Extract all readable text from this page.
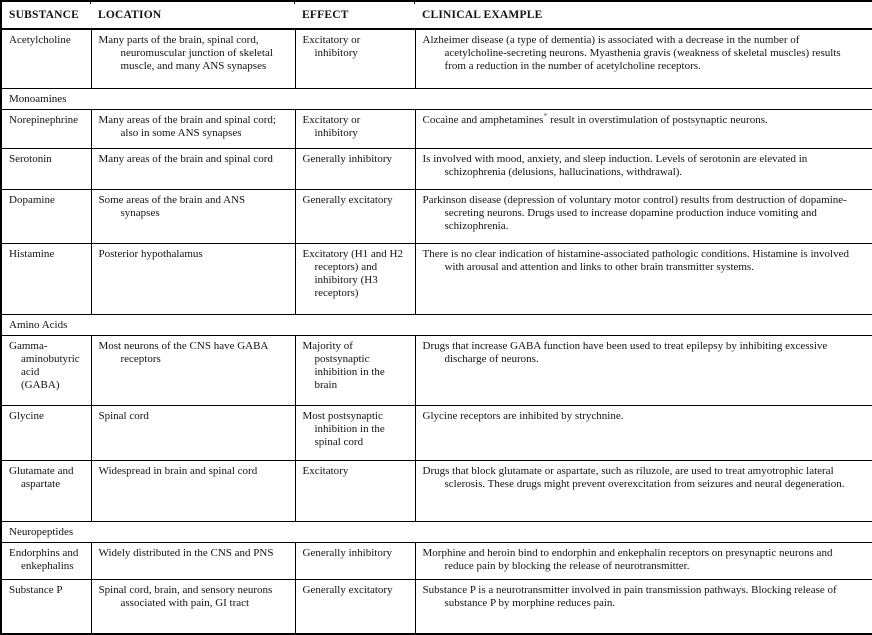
SUBSTANCE	LOCATION	EFFECT	CLINICAL EXAMPLE
Acetylcholine	Many parts of the brain, spinal cord, neuromuscular junction of skeletal muscle, and many ANS synapses	Excitatory or inhibitory	Alzheimer disease (a type of dementia) is associated with a decrease in the number of acetylcholine-secreting neurons. Myasthenia gravis (weakness of skeletal muscles) results from a reduction in the number of acetylcholine receptors.
Monoamines			
Norepinephrine	Many areas of the brain and spinal cord; also in some ANS synapses	Excitatory or inhibitory	Cocaine and amphetamines* result in overstimulation of postsynaptic neurons.
Serotonin	Many areas of the brain and spinal cord	Generally inhibitory	Is involved with mood, anxiety, and sleep induction. Levels of serotonin are elevated in schizophrenia (delusions, hallucinations, withdrawal).
Dopamine	Some areas of the brain and ANS synapses	Generally excitatory	Parkinson disease (depression of voluntary motor control) results from destruction of dopamine-secreting neurons. Drugs used to increase dopamine production induce vomiting and schizophrenia.
Histamine	Posterior hypothalamus	Excitatory (H1 and H2 receptors) and inhibitory (H3 receptors)	There is no clear indication of histamine-associated pathologic conditions. Histamine is involved with arousal and attention and links to other brain transmitter systems.
Amino Acids			
Gamma-aminobutyric acid (GABA)	Most neurons of the CNS have GABA receptors	Majority of postsynaptic inhibition in the brain	Drugs that increase GABA function have been used to treat epilepsy by inhibiting excessive discharge of neurons.
Glycine	Spinal cord	Most postsynaptic inhibition in the spinal cord	Glycine receptors are inhibited by strychnine.
Glutamate and aspartate	Widespread in brain and spinal cord	Excitatory	Drugs that block glutamate or aspartate, such as riluzole, are used to treat amyotrophic lateral sclerosis. These drugs might prevent overexcitation from seizures and neural degeneration.
Neuropeptides			
Endorphins and enkephalins	Widely distributed in the CNS and PNS	Generally inhibitory	Morphine and heroin bind to endorphin and enkephalin receptors on presynaptic neurons and reduce pain by blocking the release of neurotransmitter.
Substance P	Spinal cord, brain, and sensory neurons associated with pain, GI tract	Generally excitatory	Substance P is a neurotransmitter involved in pain transmission pathways. Blocking release of substance P by morphine reduces pain.
